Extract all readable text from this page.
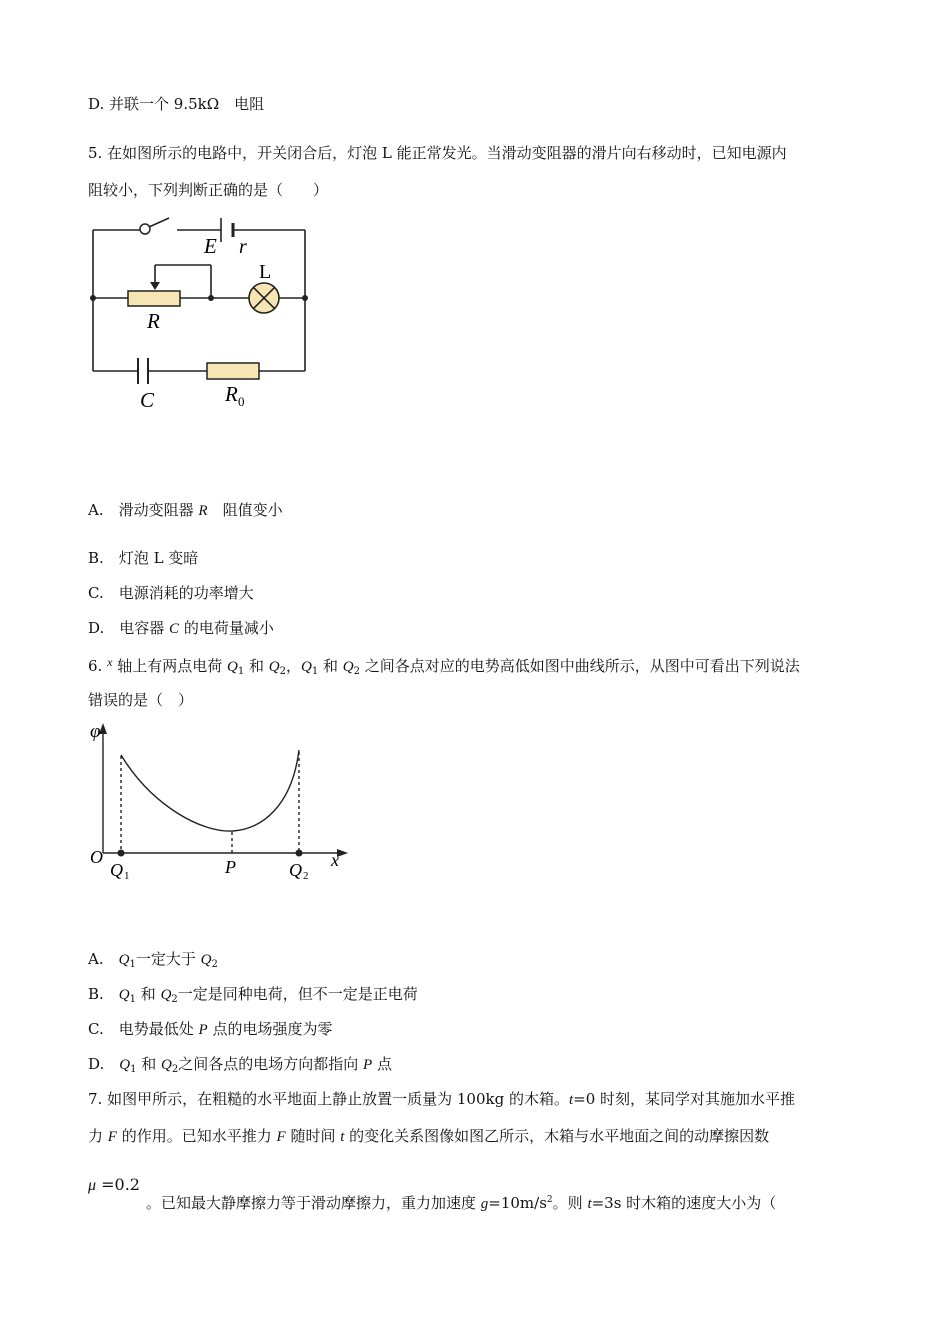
D. 并联一个 9.5kΩ　电阻
5. 在如图所示的电路中，开关闭合后，灯泡 L 能正常发光。当滑动变阻器的滑片向右移动时，已知电源内
阻较小，下列判断正确的是（　　）
E r
L
R
C	R 0
A.　滑动变阻器 R　阻值变小
B.　灯泡 L 变暗
C.　电源消耗的功率增大
D.　电容器 C 的电荷量减小
6. $^x$ 轴上有两点电荷 $Q_1$ 和 $Q_2$，$Q_1$ 和 $Q_2$ 之间各点对应的电势高低如图中曲线所示，从图中可看出下列说法
错误的是（　）
φ
O
Q 1	P	Q 2
x
A.　$Q_1$一定大于 $Q_2$
B.　$Q_1$ 和 $Q_2$一定是同种电荷，但不一定是正电荷
C.　电势最低处 P 点的电场强度为零
D.　$Q_1$ 和 $Q_2$之间各点的电场方向都指向 P 点
7. 如图甲所示，在粗糙的水平地面上静止放置一质量为 100kg 的木箱。t=0 时刻，某同学对其施加水平推
力 F 的作用。已知水平推力 F 随时间 t 的变化关系图像如图乙所示，木箱与水平地面之间的动摩擦因数
μ =0.2
。已知最大静摩擦力等于滑动摩擦力，重力加速度 $g=10m/s^2$。则 t=3s 时木箱的速度大小为（
